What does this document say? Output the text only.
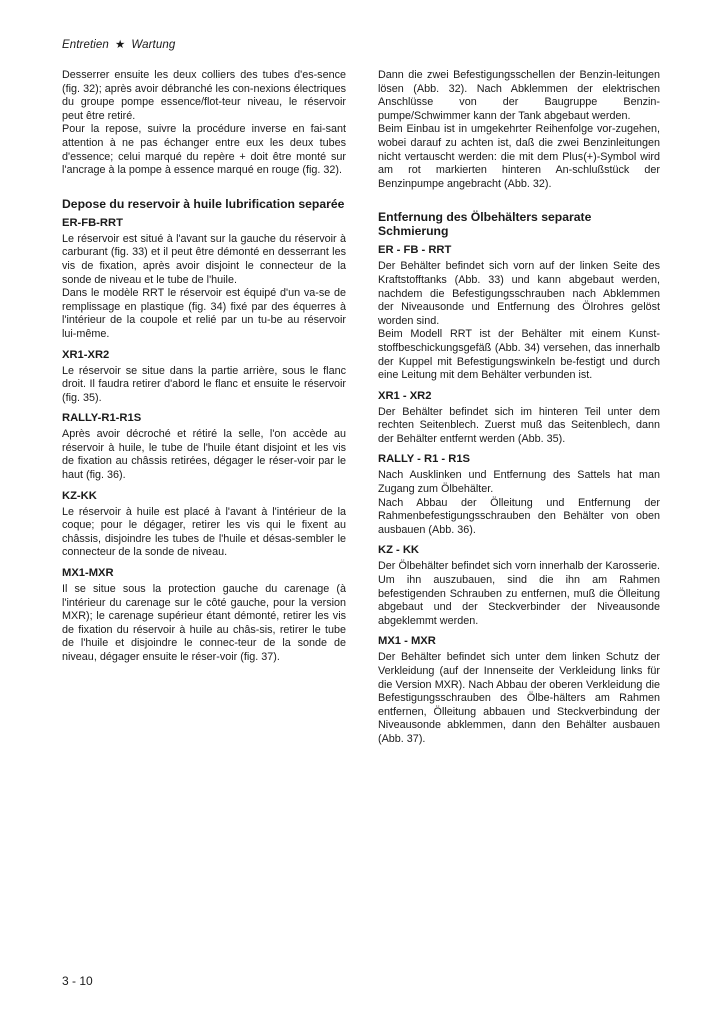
Entretien ★ Wartung

Desserrer ensuite les deux colliers des tubes d'es-sence (fig. 32); après avoir débranché les con-nexions électriques du groupe pompe essence/flot-teur niveau, le réservoir peut être retiré.

Pour la repose, suivre la procédure inverse en fai-sant attention à ne pas échanger entre eux les deux tubes d'essence; celui marqué du repère + doit être monté sur l'ancrage à la pompe à essence marqué en rouge (fig. 32).

Depose du reservoir à huile lubrification separée
ER-FB-RRT

Le réservoir est situé à l'avant sur la gauche du réservoir à carburant (fig. 33) et il peut être démonté en desserrant les vis de fixation, après avoir disjoint le connecteur de la sonde de niveau et le tube de l'huile.

Dans le modèle RRT le réservoir est équipé d'un va-se de remplissage en plastique (fig. 34) fixé par des équerres à l'intérieur de la coupole et relié par un tu-be au réservoir lui-même.

XR1-XR2

Le réservoir se situe dans la partie arrière, sous le flanc droit. Il faudra retirer d'abord le flanc et ensuite le réservoir (fig. 35).

RALLY-R1-R1S

Après avoir décroché et rétiré la selle, l'on accède au réservoir à huile, le tube de l'huile étant disjoint et les vis de fixation au châssis retirées, dégager le réser-voir par le haut (fig. 36).

KZ-KK

Le réservoir à huile est placé à l'avant à l'intérieur de la coque; pour le dégager, retirer les vis qui le fixent au châssis, disjoindre les tubes de l'huile et désas-sembler le connecteur de la sonde de niveau.

MX1-MXR

Il se situe sous la protection gauche du carenage (à l'intérieur du carenage sur le côté gauche, pour la version MXR); le carenage supérieur étant démonté, retirer les vis de fixation du réservoir à huile au châs-sis, retirer le tube de l'huile et disjoindre le connec-teur de la sonde de niveau, dégager ensuite le réser-voir (fig. 37).

Dann die zwei Befestigungsschellen der Benzin-leitungen lösen (Abb. 32). Nach Abklemmen der elektrischen Anschlüsse von der Baugruppe Benzin-pumpe/Schwimmer kann der Tank abgebaut werden.

Beim Einbau ist in umgekehrter Reihenfolge vor-zugehen, wobei darauf zu achten ist, daß die zwei Benzinleitungen nicht vertauscht werden: die mit dem Plus(+)-Symbol wird am rot markierten hinteren An-schlußstück der Benzinpumpe angebracht (Abb. 32).

Entfernung des Ölbehälters separate Schmierung
ER - FB - RRT

Der Behälter befindet sich vorn auf der linken Seite des Kraftstofftanks (Abb. 33) und kann abgebaut werden, nachdem die Befestigungsschrauben nach Abklemmen der Niveausonde und Entfernung des Ölrohres gelöst worden sind.

Beim Modell RRT ist der Behälter mit einem Kunst-stoffbeschickungsgefäß (Abb. 34) versehen, das innerhalb der Kuppel mit Befestigungswinkeln be-festigt und durch eine Leitung mit dem Behälter verbunden ist.

XR1 - XR2

Der Behälter befindet sich im hinteren Teil unter dem rechten Seitenblech. Zuerst muß das Seitenblech, dann der Behälter entfernt werden (Abb. 35).

RALLY - R1 - R1S

Nach Ausklinken und Entfernung des Sattels hat man Zugang zum Ölbehälter.

Nach Abbau der Ölleitung und Entfernung der Rahmenbefestigungsschrauben den Behälter von oben ausbauen (Abb. 36).

KZ - KK

Der Ölbehälter befindet sich vorn innerhalb der Karosserie. Um ihn auszubauen, sind die ihn am Rahmen befestigenden Schrauben zu entfernen, muß die Ölleitung abgebaut und der Steckverbinder der Niveausonde abgeklemmt werden.

MX1 - MXR

Der Behälter befindet sich unter dem linken Schutz der Verkleidung (auf der Innenseite der Verkleidung links für die Version MXR). Nach Abbau der oberen Verkleidung die Befestigungsschrauben des Ölbe-hälters am Rahmen entfernen, Ölleitung abbauen und Steckverbindung der Niveausonde abklemmen, dann den Behälter ausbauen (Abb. 37).

3 - 10
